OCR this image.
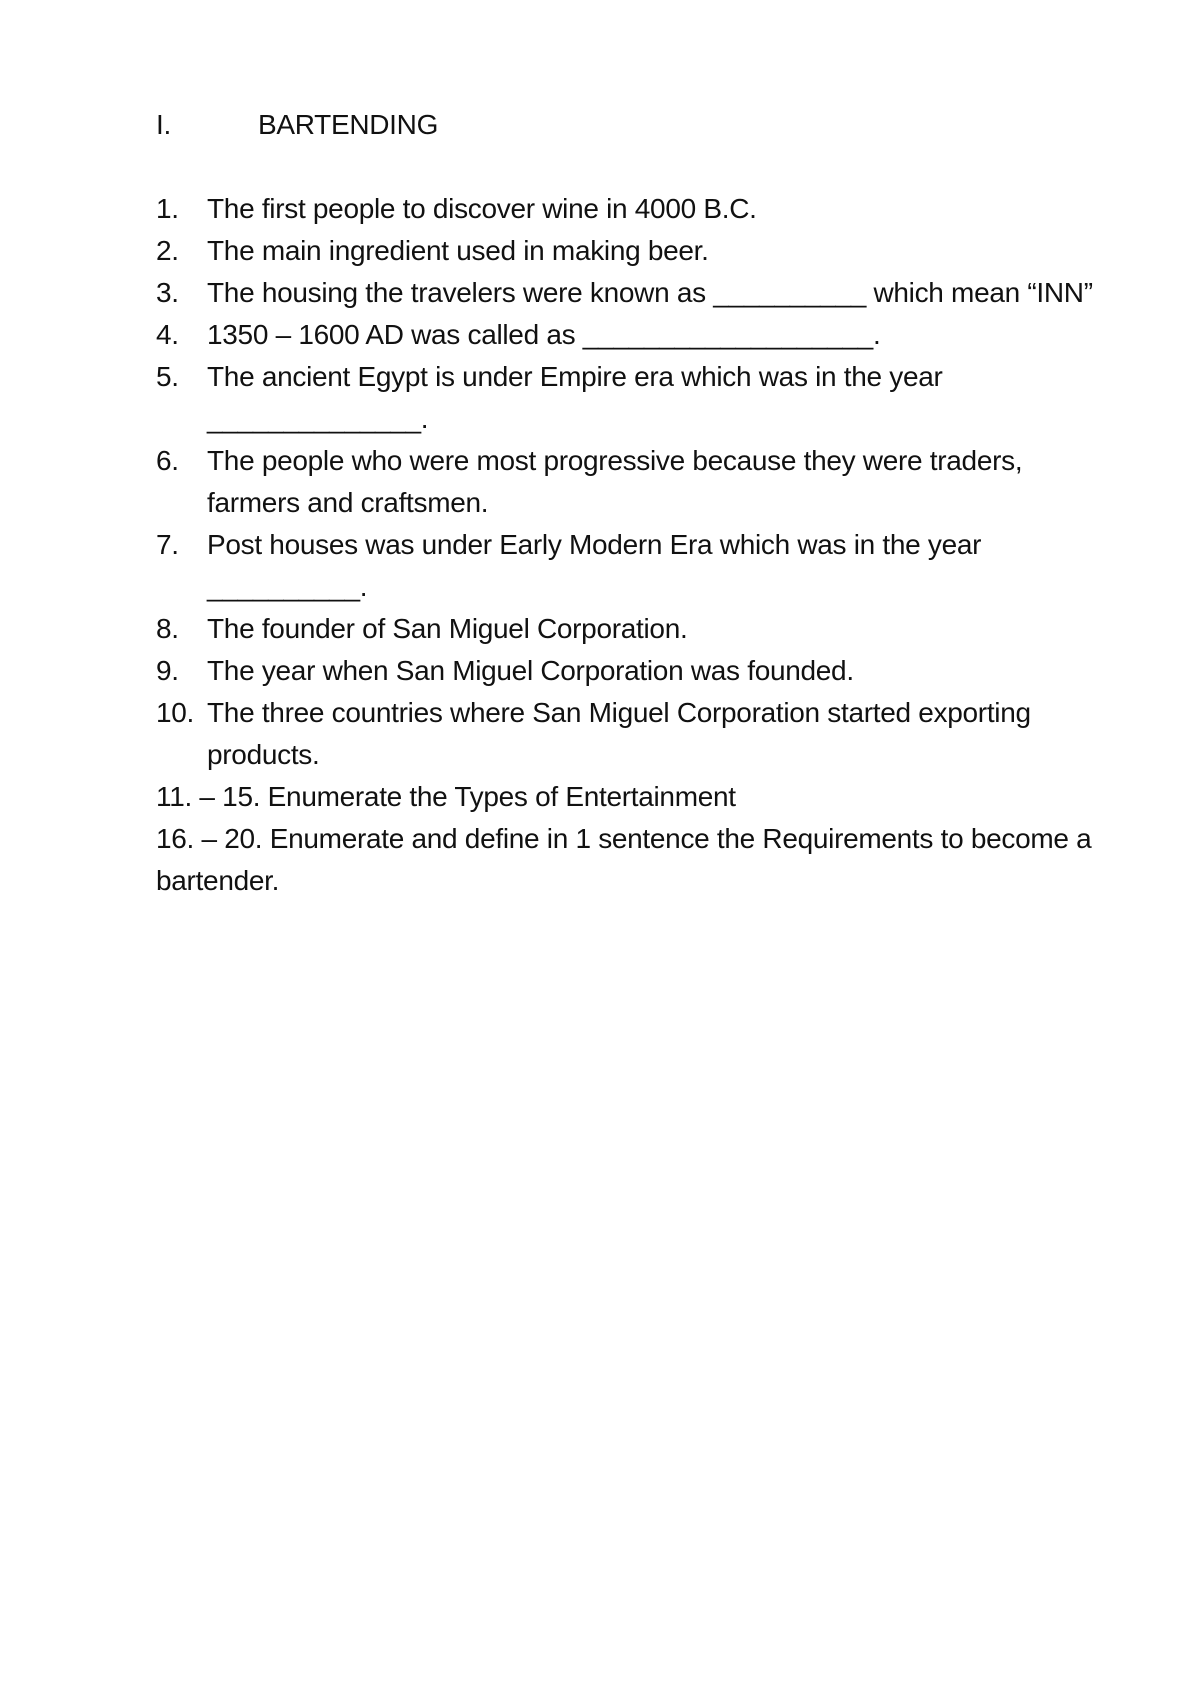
I.	BARTENDING
1.	The first people to discover wine in 4000 B.C.
2.	The main ingredient used in making beer.
3.	The housing the travelers were known as __________ which mean “INN”
4.	1350 – 1600 AD was called as ___________________.
5.	The ancient Egypt is under Empire era which was in the year ______________.
6.	The people who were most progressive because they were traders, farmers and craftsmen.
7.	Post houses was under Early Modern Era which was in the year __________.
8.	The founder of San Miguel Corporation.
9.	The year when San Miguel Corporation was founded.
10. The three countries where San Miguel Corporation started exporting products.

11. – 15. Enumerate the Types of Entertainment

16. – 20. Enumerate and define in 1 sentence the Requirements to become a bartender.
